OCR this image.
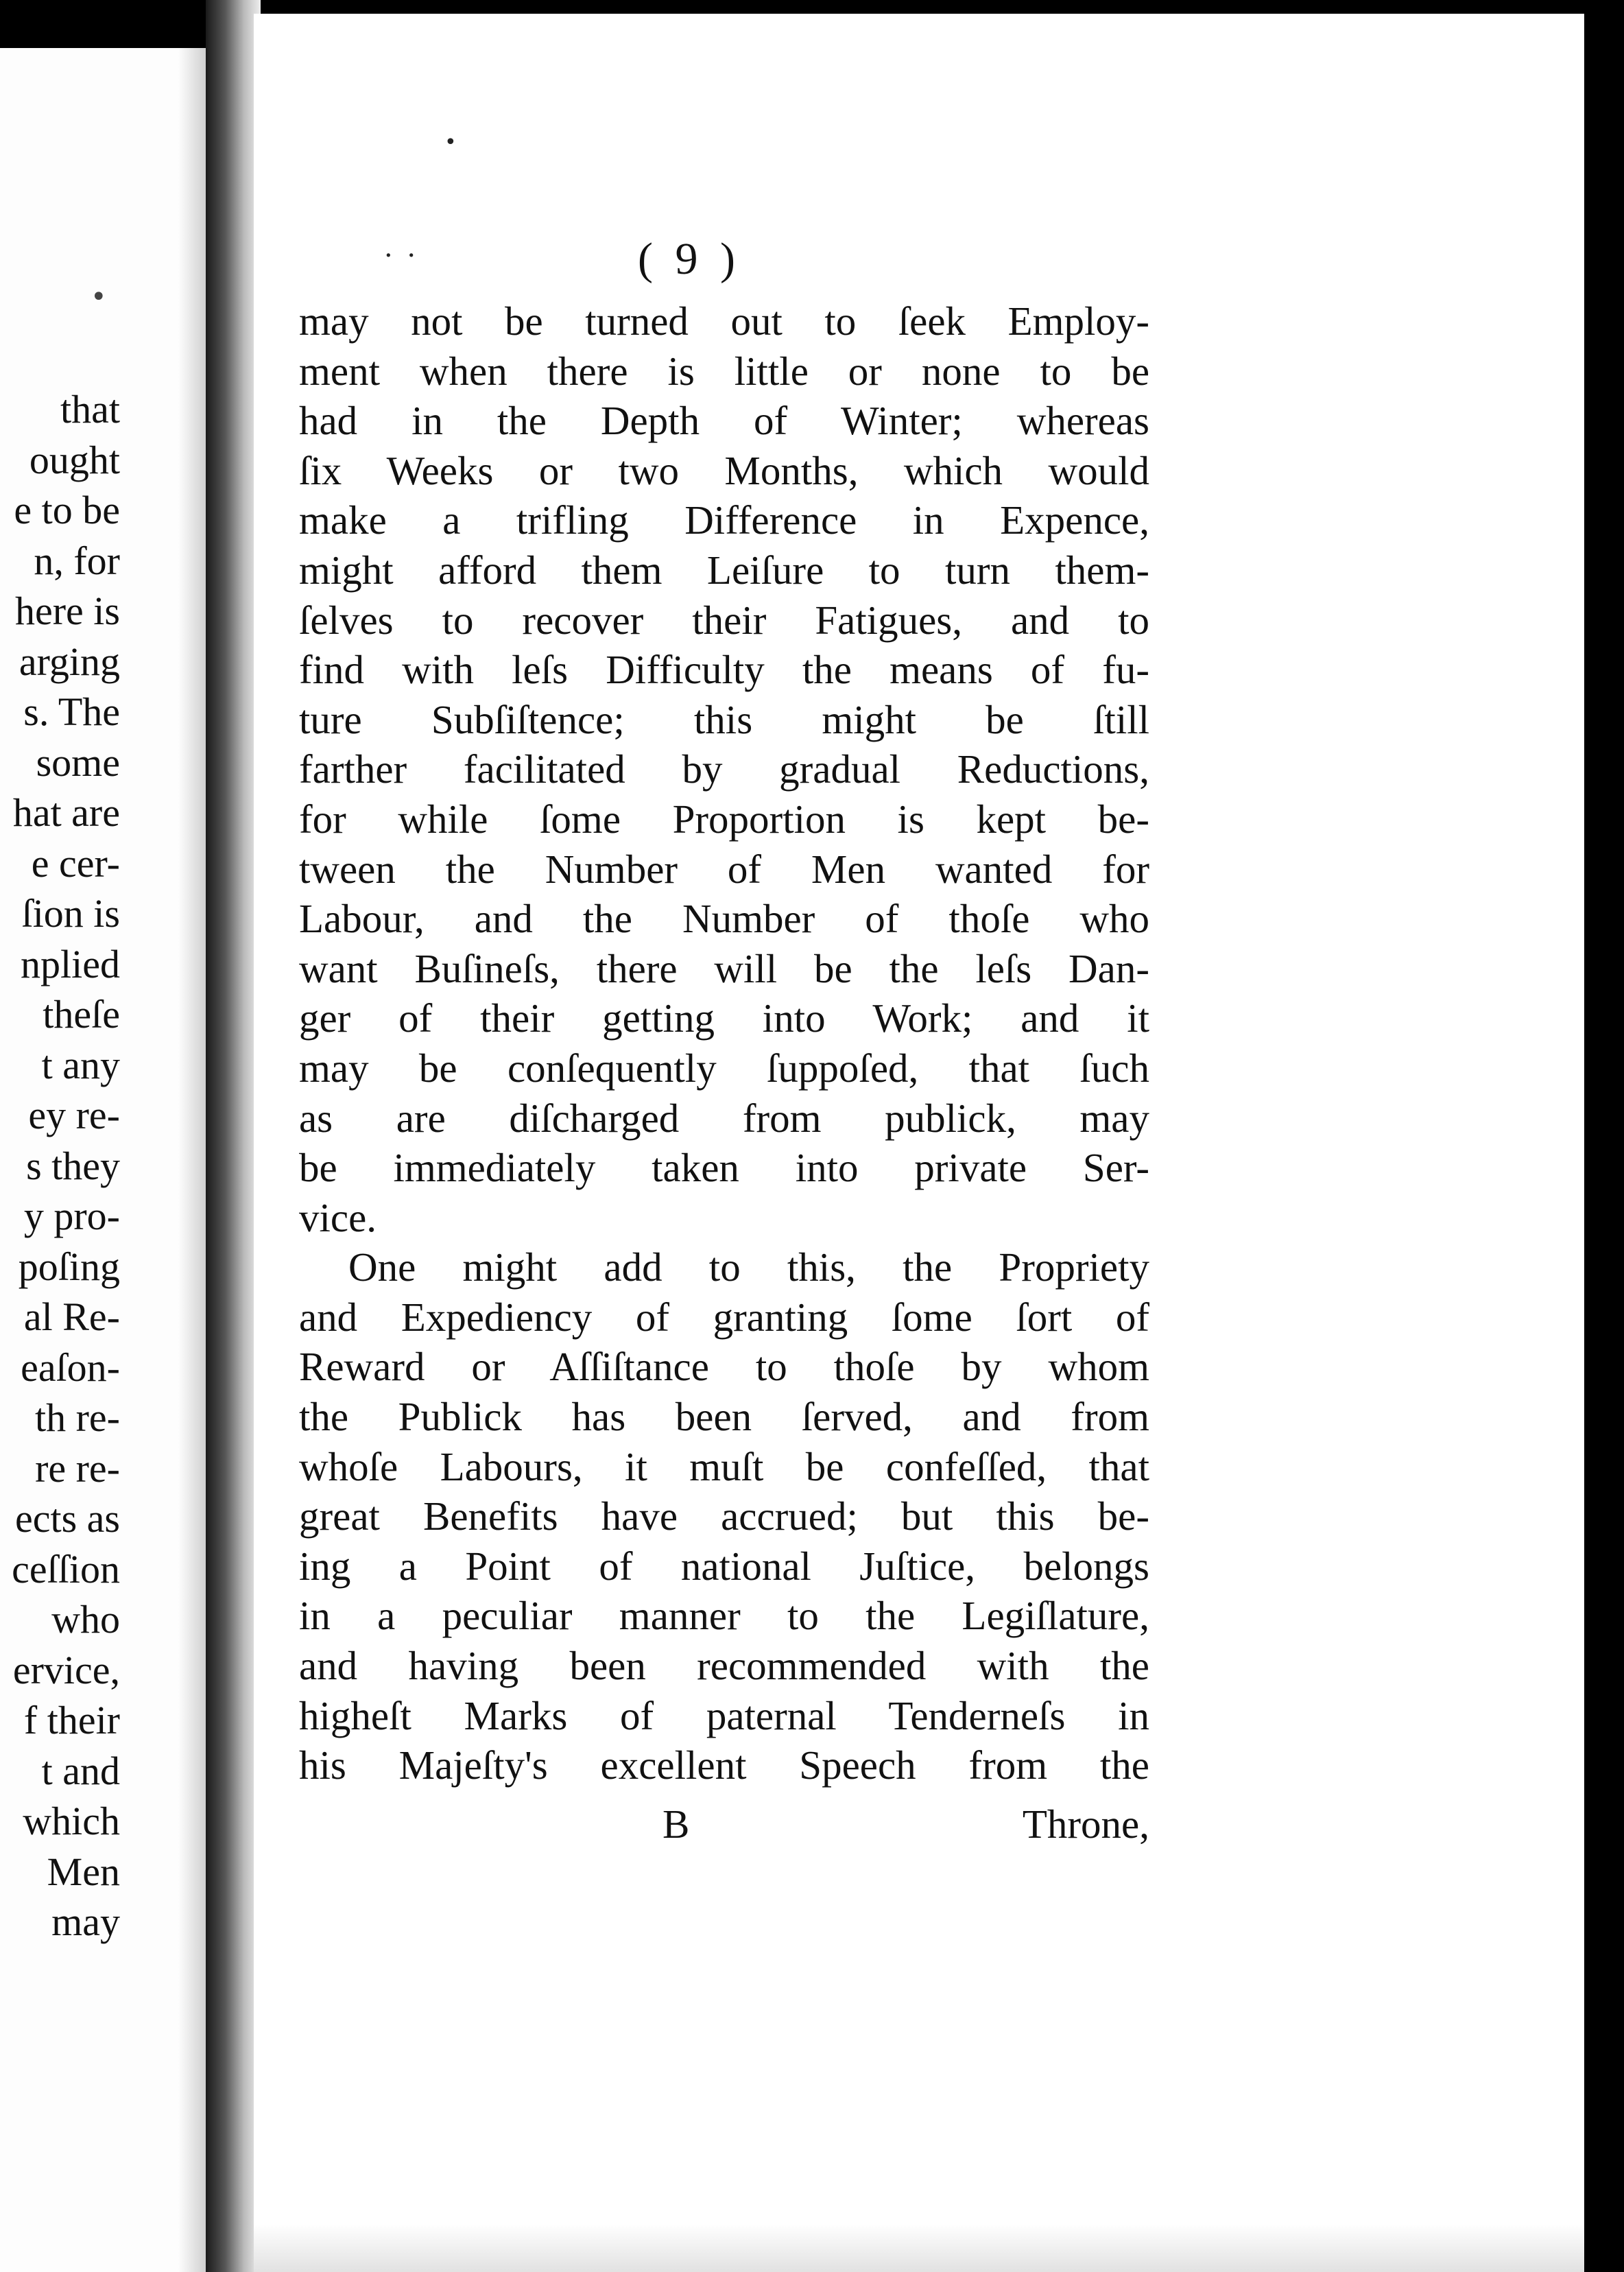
•
that
ought
e to be
n, for
here is
arging
s. The
some
hat are
e cer-
ſion is
nplied
theſe
t any
ey re-
s they
y pro-
poſing
al Re-
eaſon-
th re-
re re-
ects as
ceſſion
who
ervice,
f their
t and
which
Men
may
•
· ·	( 9 )
may not be turned out to ſeek Employ-
ment when there is little or none to be
had in the Depth of Winter; whereas
ſix Weeks or two Months, which would
make a trifling Difference in Expence,
might afford them Leiſure to turn them-
ſelves to recover their Fatigues, and to
find with leſs Difficulty the means of fu-
ture Subſiſtence; this might be ſtill
farther facilitated by gradual Reductions,
for while ſome Proportion is kept be-
tween the Number of Men wanted for
Labour, and the Number of thoſe who
want Buſineſs, there will be the leſs Dan-
ger of their getting into Work; and it
may be conſequently ſuppoſed, that ſuch
as are diſcharged from publick, may
be immediately taken into private Ser-
vice.
One might add to this, the Propriety
and Expediency of granting ſome ſort of
Reward or Aſſiſtance to thoſe by whom
the Publick has been ſerved, and from
whoſe Labours, it muſt be confeſſed, that
great Benefits have accrued; but this be-
ing a Point of national Juſtice, belongs
in a peculiar manner to the Legiſlature,
and having been recommended with the
higheſt Marks of paternal Tenderneſs in
his Majeſty's excellent Speech from the
B	Throne,
